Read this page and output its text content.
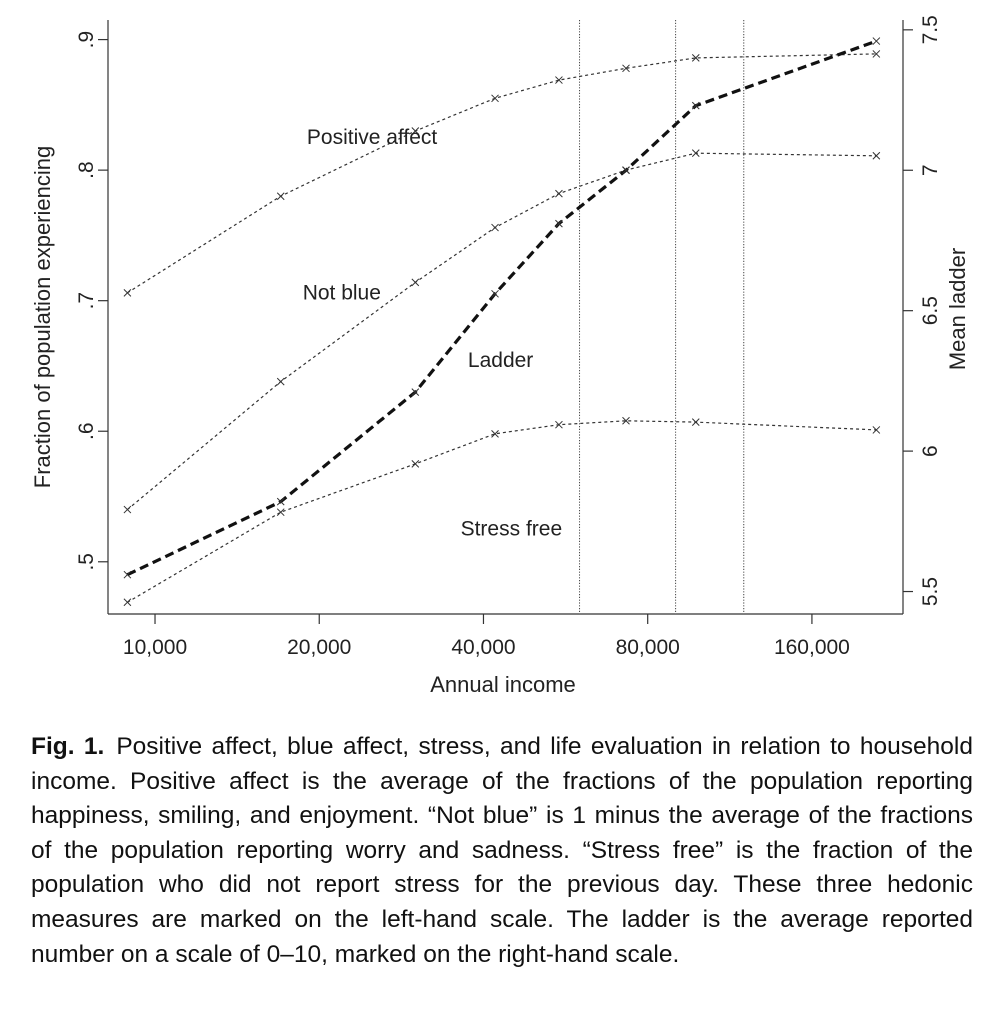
10,000	20,000	40,000	80,000	160,000
.5
.6
.7
.8
.9
5.5
6
6.5
7
7.5
Positive affect
Not blue
Stress free
Ladder
Annual income
Fraction of population experiencing	Mean ladder
Fig. 1. Positive affect, blue affect, stress, and life evaluation in relation to household income. Positive affect is the average of the fractions of the population reporting happiness, smiling, and enjoyment. “Not blue” is 1 minus the average of the fractions of the population reporting worry and sadness. “Stress free” is the fraction of the population who did not report stress for the previous day. These three hedonic measures are marked on the left-hand scale. The ladder is the average reported number on a scale of 0–10, marked on the right-hand scale.
